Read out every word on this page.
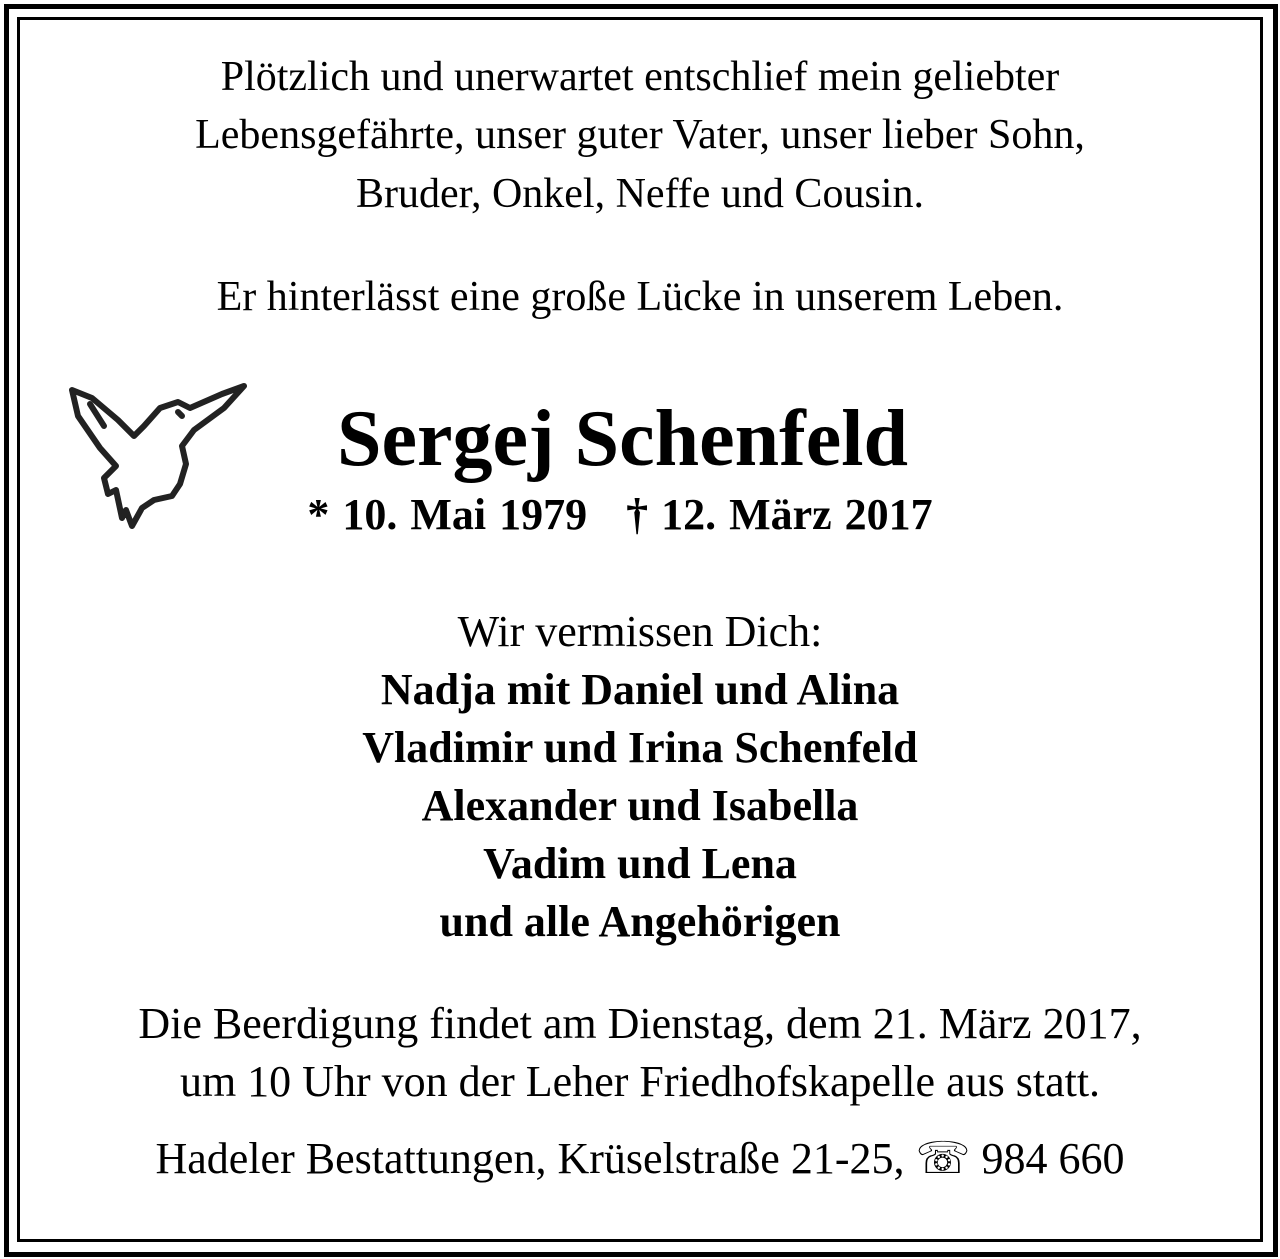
Plötzlich und unerwartet entschlief mein geliebter
Lebensgefährte, unser guter Vater, unser lieber Sohn,
Bruder, Onkel, Neffe und Cousin.
Er hinterlässt eine große Lücke in unserem Leben.
Sergej Schenfeld
* 10. Mai 1979   † 12. März 2017
Wir vermissen Dich:
Nadja mit Daniel und Alina
Vladimir und Irina Schenfeld
Alexander und Isabella
Vadim und Lena
und alle Angehörigen
Die Beerdigung findet am Dienstag, dem 21. März 2017,
um 10 Uhr von der Leher Friedhofskapelle aus statt.
Hadeler Bestattungen, Krüselstraße 21-25, ☏ 984 660
